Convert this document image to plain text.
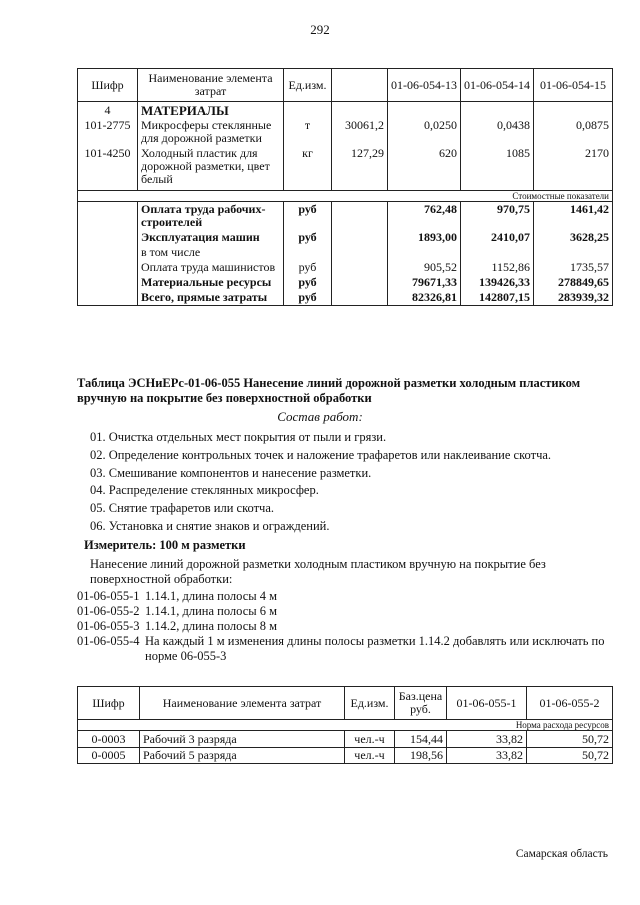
292
Шифр	Наименование элемента затрат	Ед.изм.		01-06-054-13	01-06-054-14	01-06-054-15
4	МАТЕРИАЛЫ					
101-2775	Микросферы стеклянные для дорожной разметки	т	30061,2	0,0250	0,0438	0,0875
101-4250	Холодный пластик для дорожной разметки, цвет белый	кг	127,29	620	1085	2170
Стоимостные показатели						
	Оплата труда рабочих-строителей	руб		762,48	970,75	1461,42
	Эксплуатация машин	руб		1893,00	2410,07	3628,25
	в том числе					
	Оплата труда машинистов	руб		905,52	1152,86	1735,57
	Материальные ресурсы	руб		79671,33	139426,33	278849,65
	Всего, прямые затраты	руб		82326,81	142807,15	283939,32
Таблица ЭСНиЕРс-01-06-055 Нанесение линий дорожной разметки холодным пластиком вручную на покрытие без поверхностной обработки
Состав работ:
01. Очистка отдельных мест покрытия от пыли и грязи.
02. Определение контрольных точек и наложение трафаретов или наклеивание скотча.
03. Смешивание компонентов и нанесение разметки.
04. Распределение стеклянных микросфер.
05. Снятие трафаретов или скотча.
06. Установка и снятие знаков и ограждений.
Измеритель: 100 м разметки
Нанесение линий дорожной разметки холодным пластиком вручную на покрытие без поверхностной обработки:
01-06-055-1 1.14.1, длина полосы 4 м
01-06-055-2 1.14.1, длина полосы 6 м
01-06-055-3 1.14.2, длина полосы 8 м
01-06-055-4 На каждый 1 м изменения длины полосы разметки 1.14.2 добавлять или исключать по норме 06-055-3
Шифр	Наименование элемента затрат	Ед.изм.	Баз.цена руб.	01-06-055-1	01-06-055-2
Норма расхода ресурсов					
0-0003	Рабочий 3 разряда	чел.-ч	154,44	33,82	50,72
0-0005	Рабочий 5 разряда	чел.-ч	198,56	33,82	50,72
Самарская область
